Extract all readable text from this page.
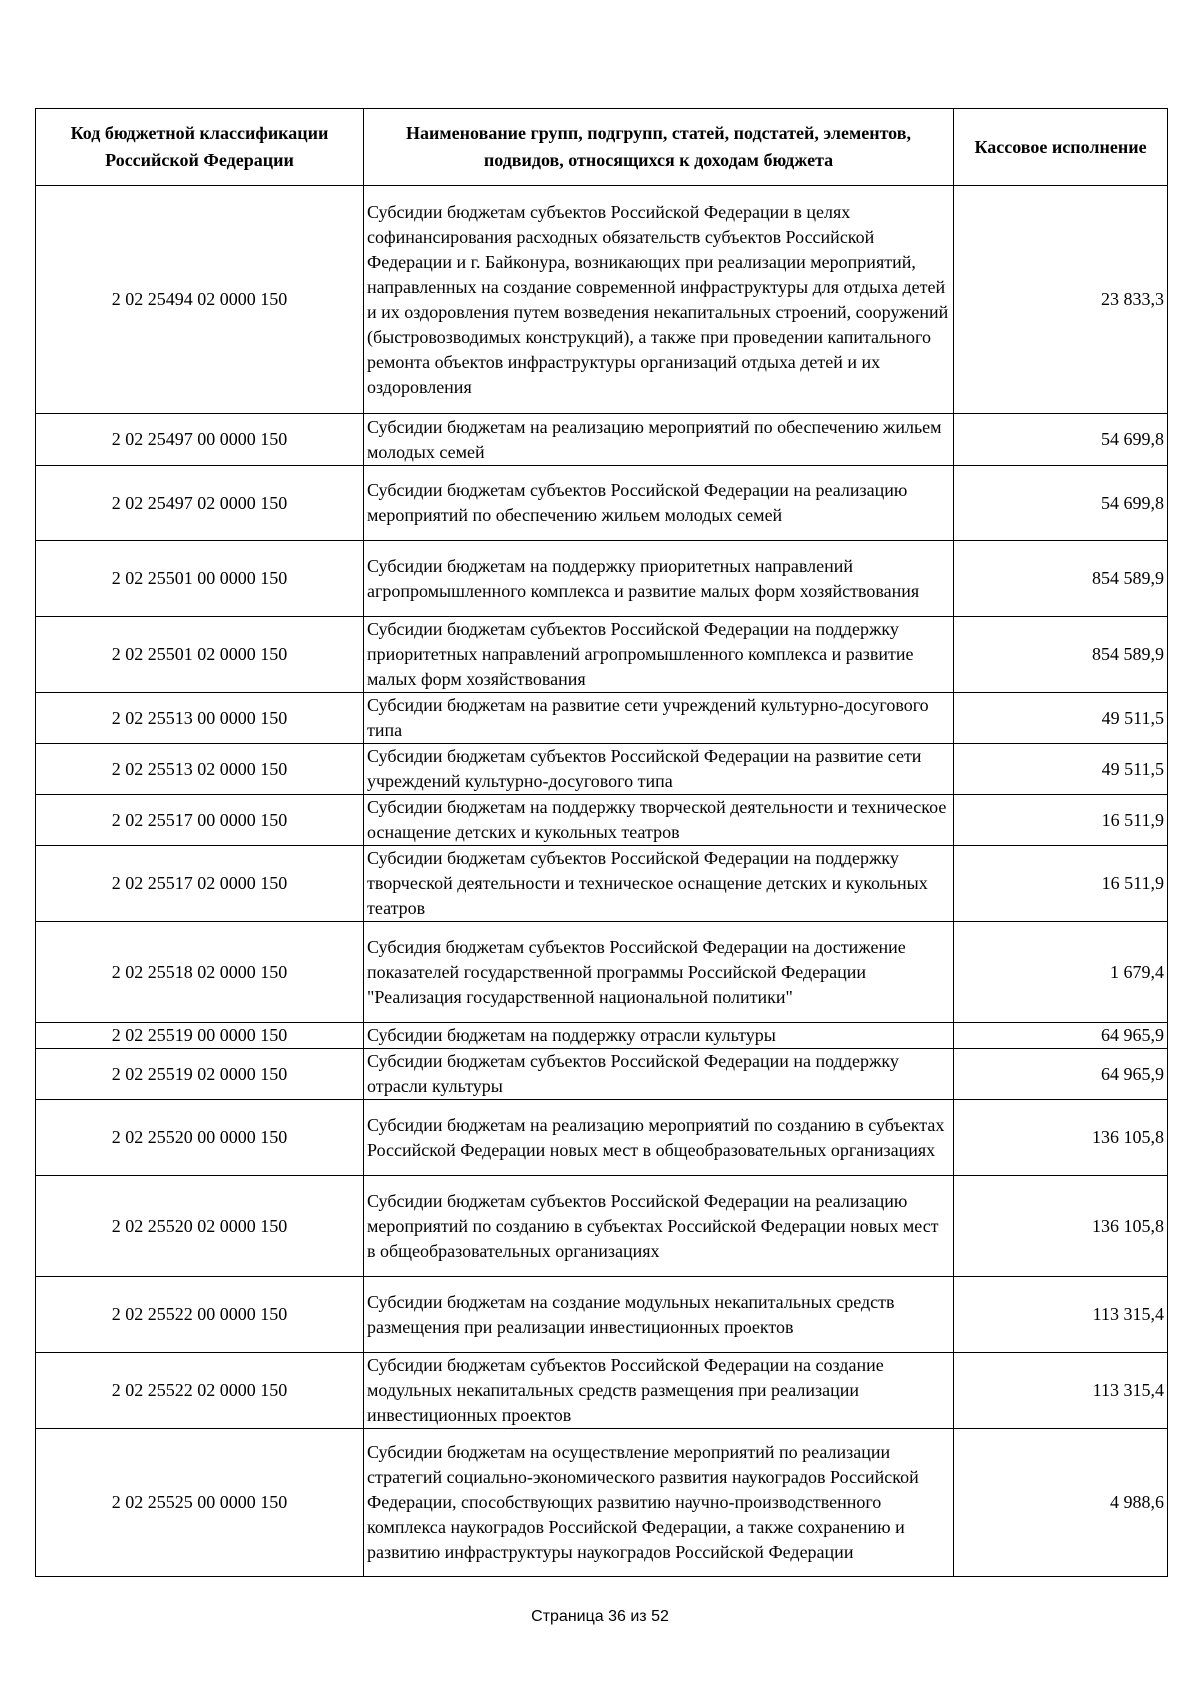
Код бюджетной классификации Российской Федерации	Наименование групп, подгрупп, статей, подстатей, элементов, подвидов, относящихся к доходам бюджета	Кассовое исполнение
2 02 25494 02 0000 150	Субсидии бюджетам субъектов Российской Федерации в целях софинансирования расходных обязательств субъектов Российской Федерации и г. Байконура, возникающих при реализации мероприятий, направленных на создание современной инфраструктуры для отдыха детей и их оздоровления путем возведения некапитальных строений, сооружений (быстровозводимых конструкций), а также при проведении капитального ремонта объектов инфраструктуры организаций отдыха детей и их оздоровления	23 833,3
2 02 25497 00 0000 150	Субсидии бюджетам на реализацию мероприятий по обеспечению жильем молодых семей	54 699,8
2 02 25497 02 0000 150	Субсидии бюджетам субъектов Российской Федерации на реализацию мероприятий по обеспечению жильем молодых семей	54 699,8
2 02 25501 00 0000 150	Субсидии бюджетам на поддержку приоритетных направлений агропромышленного комплекса и развитие малых форм хозяйствования	854 589,9
2 02 25501 02 0000 150	Субсидии бюджетам субъектов Российской Федерации на поддержку приоритетных направлений агропромышленного комплекса и развитие малых форм хозяйствования	854 589,9
2 02 25513 00 0000 150	Субсидии бюджетам на развитие сети учреждений культурно-досугового типа	49 511,5
2 02 25513 02 0000 150	Субсидии бюджетам субъектов Российской Федерации на развитие сети учреждений культурно-досугового типа	49 511,5
2 02 25517 00 0000 150	Субсидии бюджетам на поддержку творческой деятельности и техническое оснащение детских и кукольных театров	16 511,9
2 02 25517 02 0000 150	Субсидии бюджетам субъектов Российской Федерации на поддержку творческой деятельности и техническое оснащение детских и кукольных театров	16 511,9
2 02 25518 02 0000 150	Субсидия бюджетам субъектов Российской Федерации на достижение показателей государственной программы Российской Федерации "Реализация государственной национальной политики"	1 679,4
2 02 25519 00 0000 150	Субсидии бюджетам на поддержку отрасли культуры	64 965,9
2 02 25519 02 0000 150	Субсидии бюджетам субъектов Российской Федерации на поддержку отрасли культуры	64 965,9
2 02 25520 00 0000 150	Субсидии бюджетам на реализацию мероприятий по созданию в субъектах Российской Федерации новых мест в общеобразовательных организациях	136 105,8
2 02 25520 02 0000 150	Субсидии бюджетам субъектов Российской Федерации на реализацию мероприятий по созданию в субъектах Российской Федерации новых мест в общеобразовательных организациях	136 105,8
2 02 25522 00 0000 150	Субсидии бюджетам на создание модульных некапитальных средств размещения при реализации инвестиционных проектов	113 315,4
2 02 25522 02 0000 150	Субсидии бюджетам субъектов Российской Федерации на создание модульных некапитальных средств размещения при реализации инвестиционных проектов	113 315,4
2 02 25525 00 0000 150	Субсидии бюджетам на осуществление мероприятий по реализации стратегий социально-экономического развития наукоградов Российской Федерации, способствующих развитию научно-производственного комплекса наукоградов Российской Федерации, а также сохранению и развитию инфраструктуры наукоградов Российской Федерации	4 988,6
Страница 36 из 52
